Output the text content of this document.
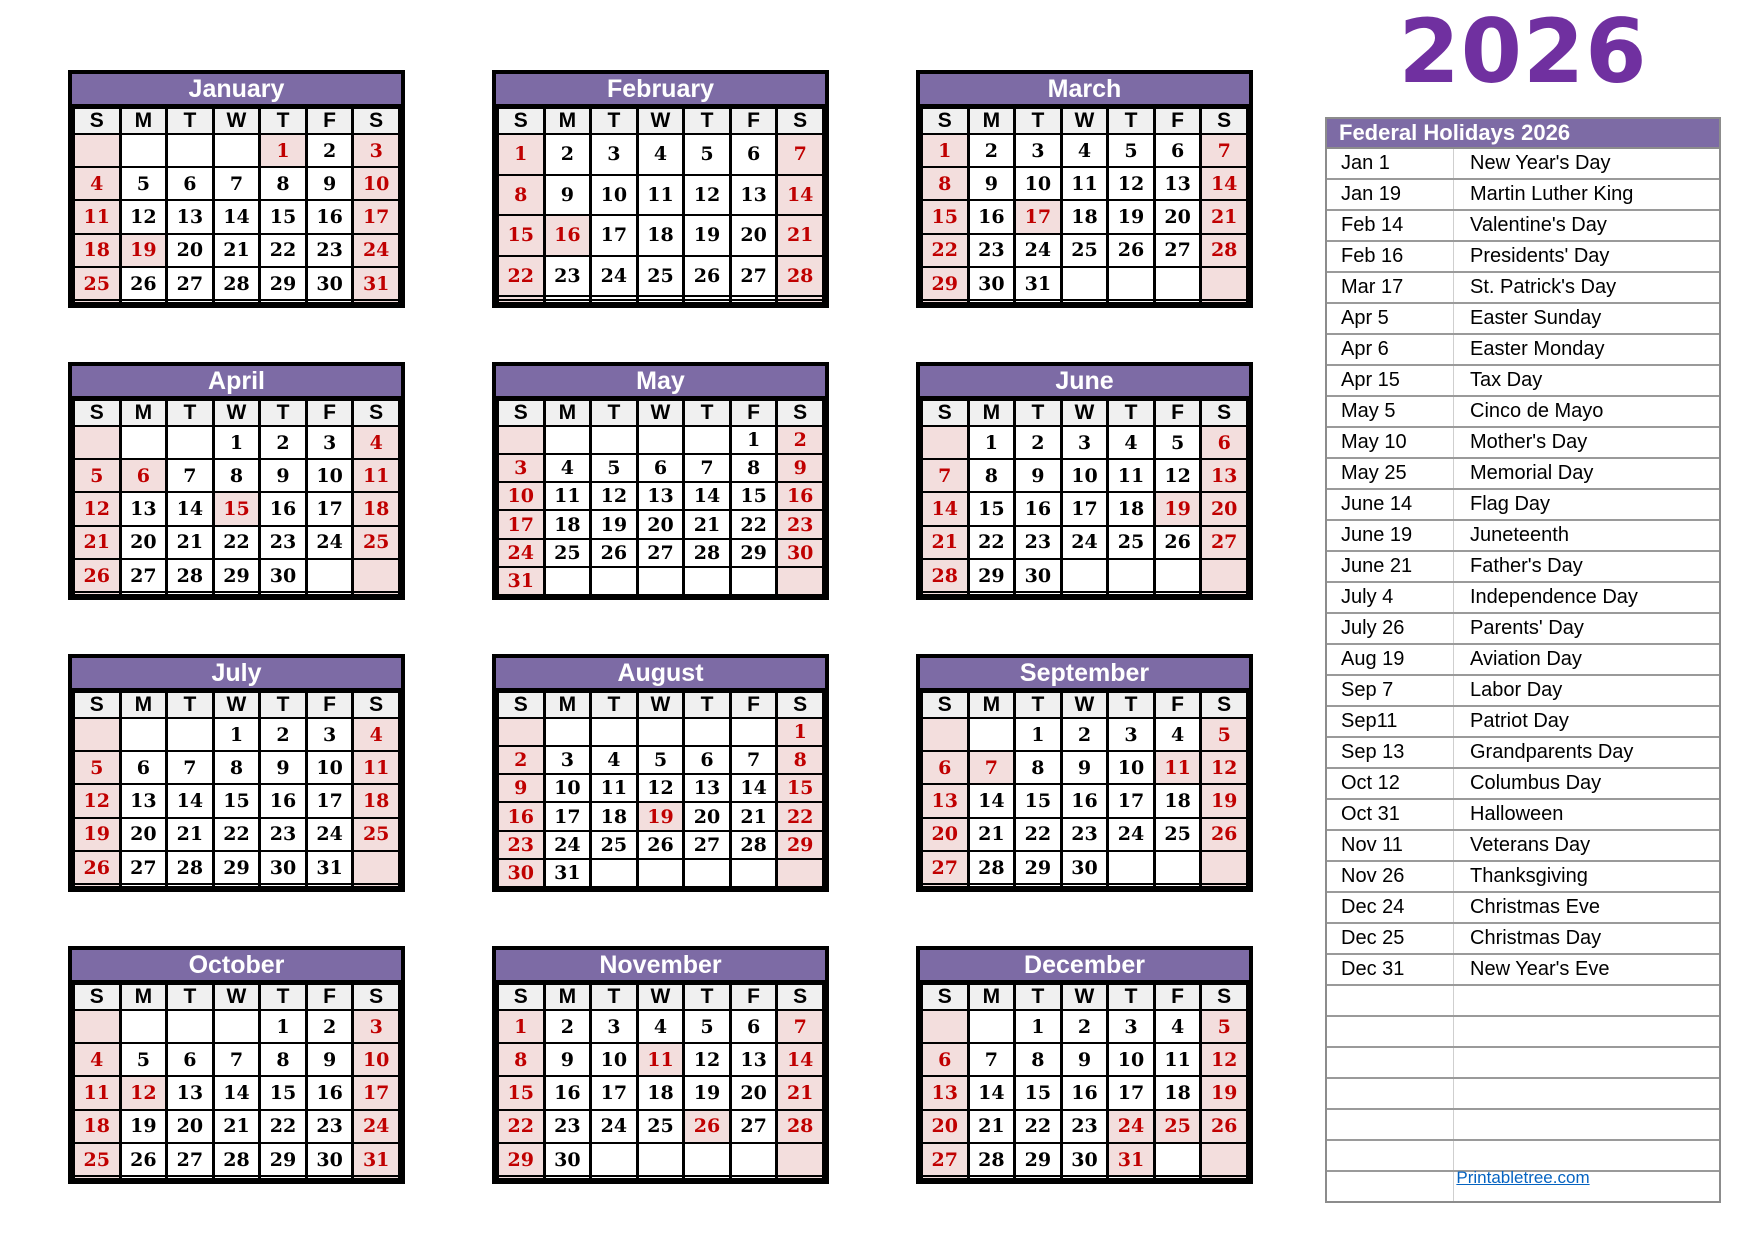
2026
January
S	M	T	W	T	F	S
				1	2	3
4	5	6	7	8	9	10
11	12	13	14	15	16	17
18	19	20	21	22	23	24
25	26	27	28	29	30	31

February
S	M	T	W	T	F	S
1	2	3	4	5	6	7
8	9	10	11	12	13	14
15	16	17	18	19	20	21
22	23	24	25	26	27	28

March
S	M	T	W	T	F	S
1	2	3	4	5	6	7
8	9	10	11	12	13	14
15	16	17	18	19	20	21
22	23	24	25	26	27	28
29	30	31				

April
S	M	T	W	T	F	S
			1	2	3	4
5	6	7	8	9	10	11
12	13	14	15	16	17	18
21	20	21	22	23	24	25
26	27	28	29	30		

May
S	M	T	W	T	F	S
					1	2
3	4	5	6	7	8	9
10	11	12	13	14	15	16
17	18	19	20	21	22	23
24	25	26	27	28	29	30
31						
June
S	M	T	W	T	F	S
	1	2	3	4	5	6
7	8	9	10	11	12	13
14	15	16	17	18	19	20
21	22	23	24	25	26	27
28	29	30				

July
S	M	T	W	T	F	S
			1	2	3	4
5	6	7	8	9	10	11
12	13	14	15	16	17	18
19	20	21	22	23	24	25
26	27	28	29	30	31	

August
S	M	T	W	T	F	S
						1
2	3	4	5	6	7	8
9	10	11	12	13	14	15
16	17	18	19	20	21	22
23	24	25	26	27	28	29
30	31					
September
S	M	T	W	T	F	S
		1	2	3	4	5
6	7	8	9	10	11	12
13	14	15	16	17	18	19
20	21	22	23	24	25	26
27	28	29	30			

October
S	M	T	W	T	F	S
				1	2	3
4	5	6	7	8	9	10
11	12	13	14	15	16	17
18	19	20	21	22	23	24
25	26	27	28	29	30	31

November
S	M	T	W	T	F	S
1	2	3	4	5	6	7
8	9	10	11	12	13	14
15	16	17	18	19	20	21
22	23	24	25	26	27	28
29	30					

December
S	M	T	W	T	F	S
		1	2	3	4	5
6	7	8	9	10	11	12
13	14	15	16	17	18	19
20	21	22	23	24	25	26
27	28	29	30	31		

Federal Holidays 2026
Jan 1	New Year's Day
Jan 19	Martin Luther King
Feb 14	Valentine's Day
Feb 16	Presidents' Day
Mar 17	St. Patrick's Day
Apr 5	Easter Sunday
Apr 6	Easter Monday
Apr 15	Tax Day
May 5	Cinco de Mayo
May 10	Mother's Day
May 25	Memorial Day
June 14	Flag Day
June 19	Juneteenth
June 21	Father's Day
July 4	Independence Day
July 26	Parents' Day
Aug 19	Aviation Day
Sep 7	Labor Day
Sep11	Patriot Day
Sep 13	Grandparents Day
Oct 12	Columbus Day
Oct 31	Halloween
Nov 11	Veterans Day
Nov 26	Thanksgiving
Dec 24	Christmas Eve
Dec 25	Christmas Day
Dec 31	New Year's Eve
Printabletree.com
